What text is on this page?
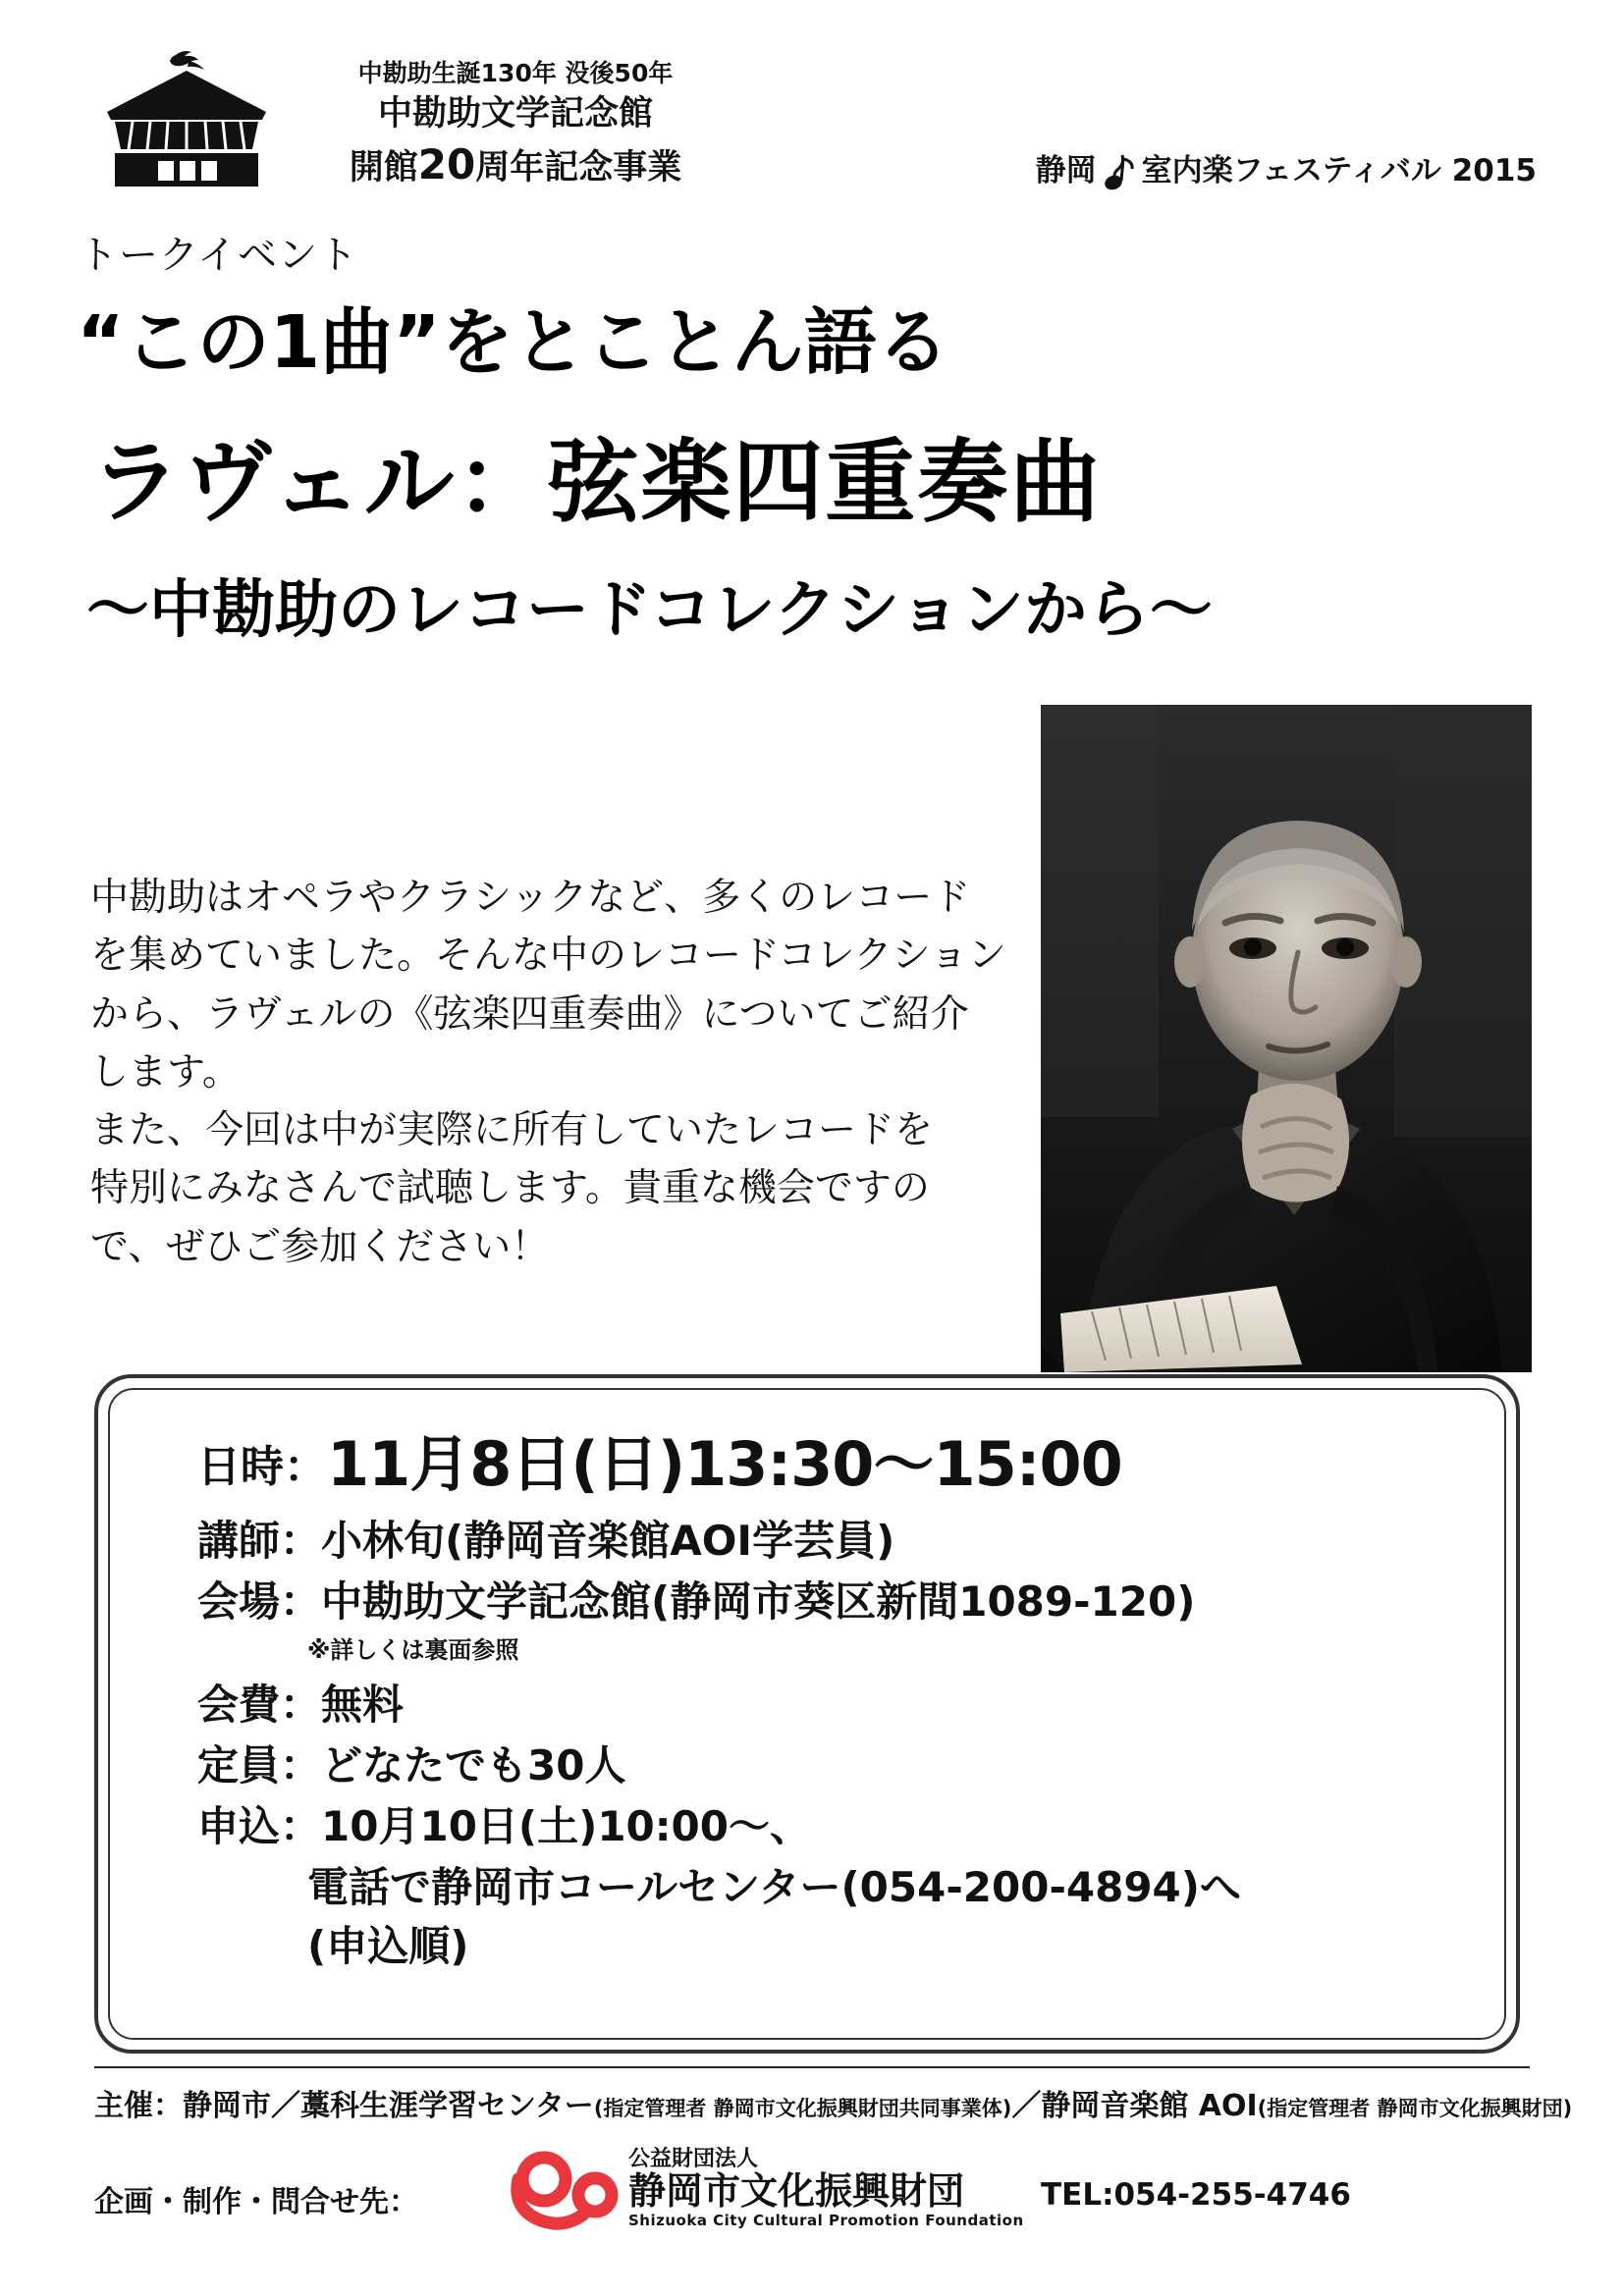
中勘助生誕130年 没後50年
中勘助文学記念館
開館20周年記念事業	静岡 室内楽フェスティバル 2015
トークイベント
“この1曲”をとことん語る
ラヴェル：弦楽四重奏曲
〜中勘助のレコードコレクションから〜
中勘助はオペラやクラシックなど、多くのレコード
を集めていました。そんな中のレコードコレクション
から、ラヴェルの《弦楽四重奏曲》についてご紹介
します。
また、今回は中が実際に所有していたレコードを
特別にみなさんで試聴します。貴重な機会ですの
で、ぜひご参加ください！
日時 ： 11月8日(日)13:30〜15:00
講師 ： 小林旬(静岡音楽館AOI学芸員)
会場 ： 中勘助文学記念館(静岡市葵区新間1089-120)
※詳しくは裏面参照
会費 ： 無料
定員 ： どなたでも30人
申込 ： 10月10日(土)10:00〜、
電話で静岡市コールセンター(054-200-4894)へ
(申込順)
主催：静岡市／藁科生涯学習センター(指定管理者 静岡市文化振興財団共同事業体)／静岡音楽館 AOI(指定管理者 静岡市文化振興財団)
企画・制作・問合せ先：
公益財団法人
静岡市文化振興財団
Shizuoka City Cultural Promotion Foundation
TEL:054-255-4746
